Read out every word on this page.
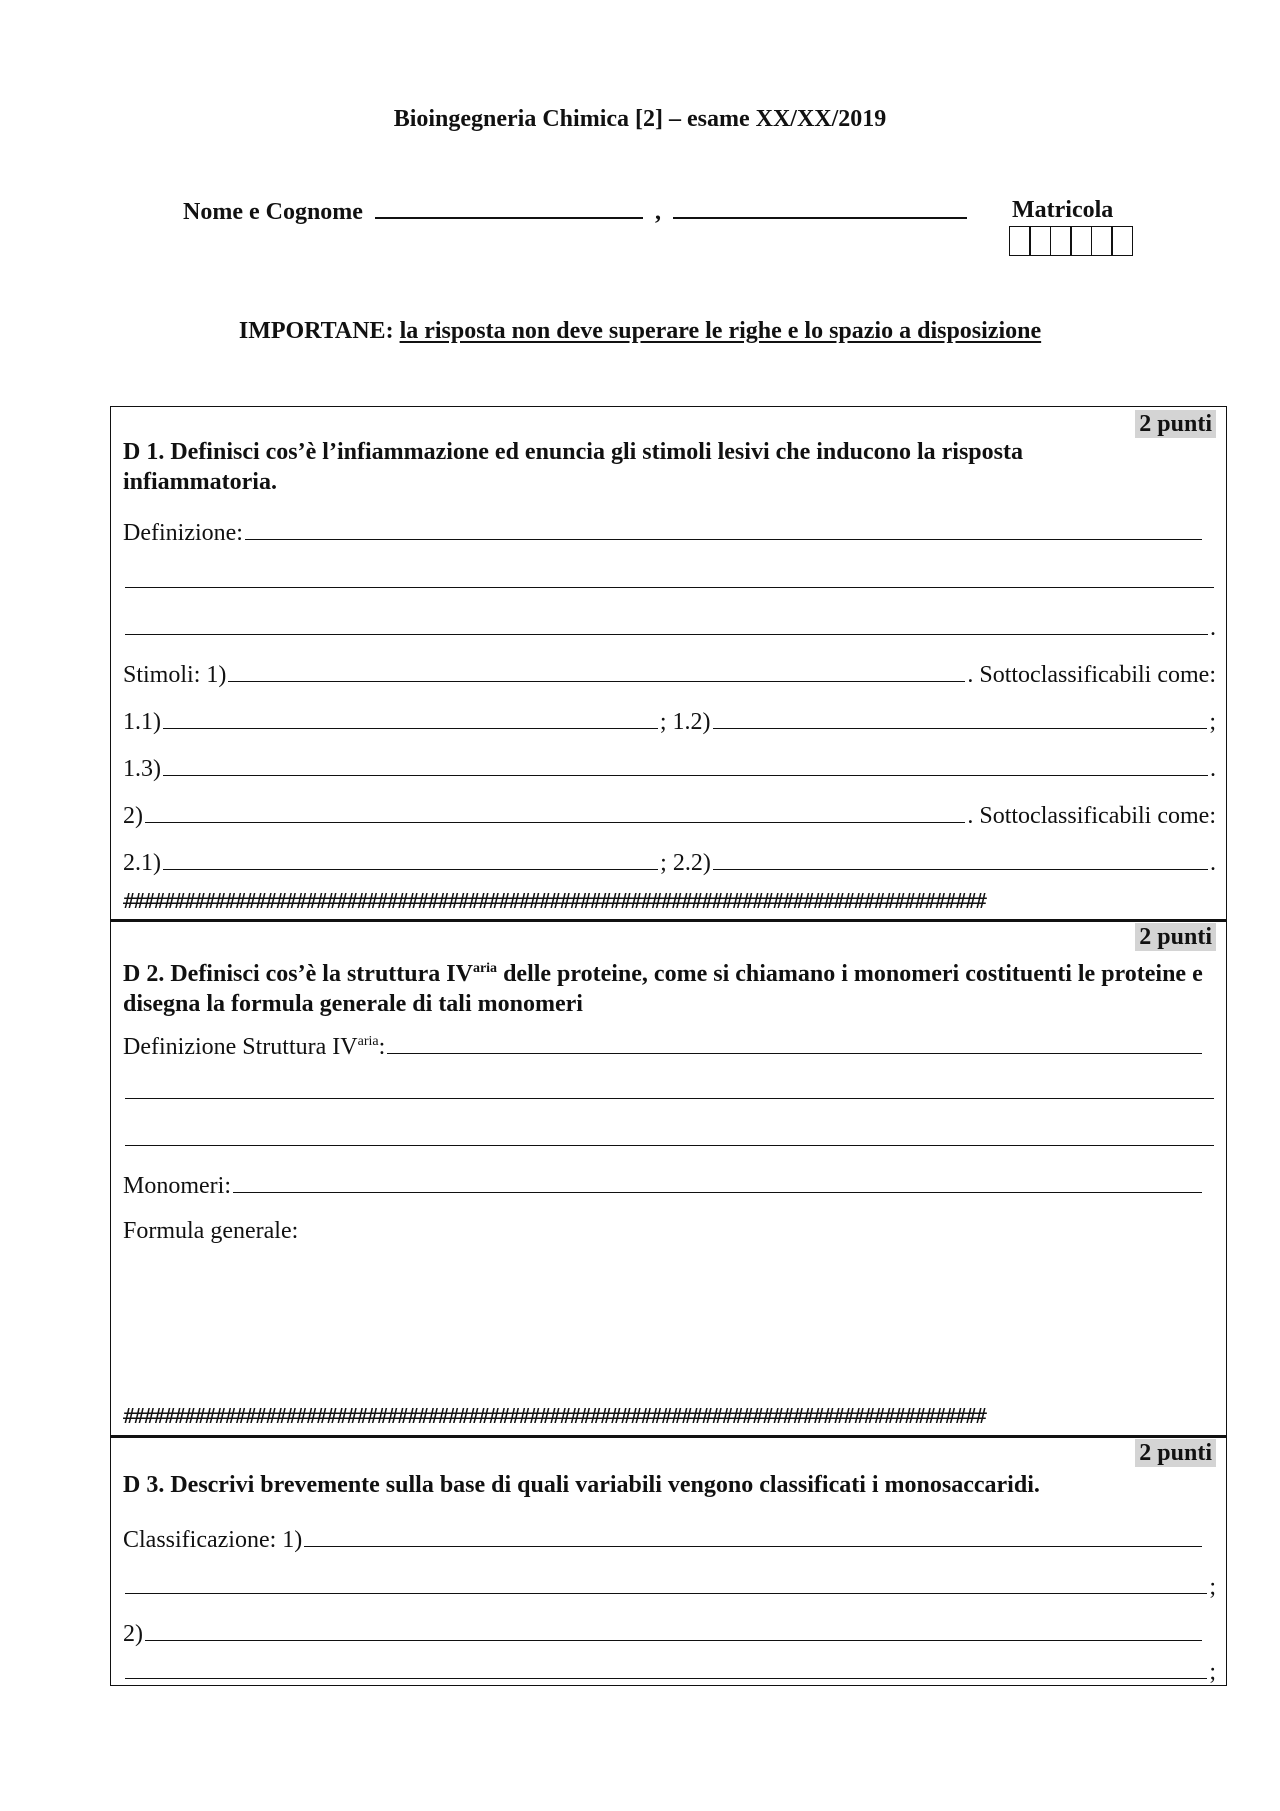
Bioingegneria Chimica [2] – esame XX/XX/2019
Nome e Cognome	,	Matricola
IMPORTANE: la risposta non deve superare le righe e lo spazio a disposizione
2 punti
D 1. Definisci cos’è l’infiammazione ed enuncia gli stimoli lesivi che inducono la risposta infiammatoria.
Definizione:
.
Stimoli: 1)	. Sottoclassificabili come:
1.1)	; 1.2)	;
1.3)	.
2)	. Sottoclassificabili come:
2.1)	; 2.2)	.
#####################################################################################
2 punti
D 2. Definisci cos’è la struttura $IV^{aria}$ delle proteine, come si chiamano i monomeri costituenti le proteine e disegna la formula generale di tali monomeri
Definizione Struttura $IV^{aria}$:
Monomeri:
Formula generale:
#####################################################################################
2 punti
D 3. Descrivi brevemente sulla base di quali variabili vengono classificati i monosaccaridi.
Classificazione: 1)
;
2)
;
